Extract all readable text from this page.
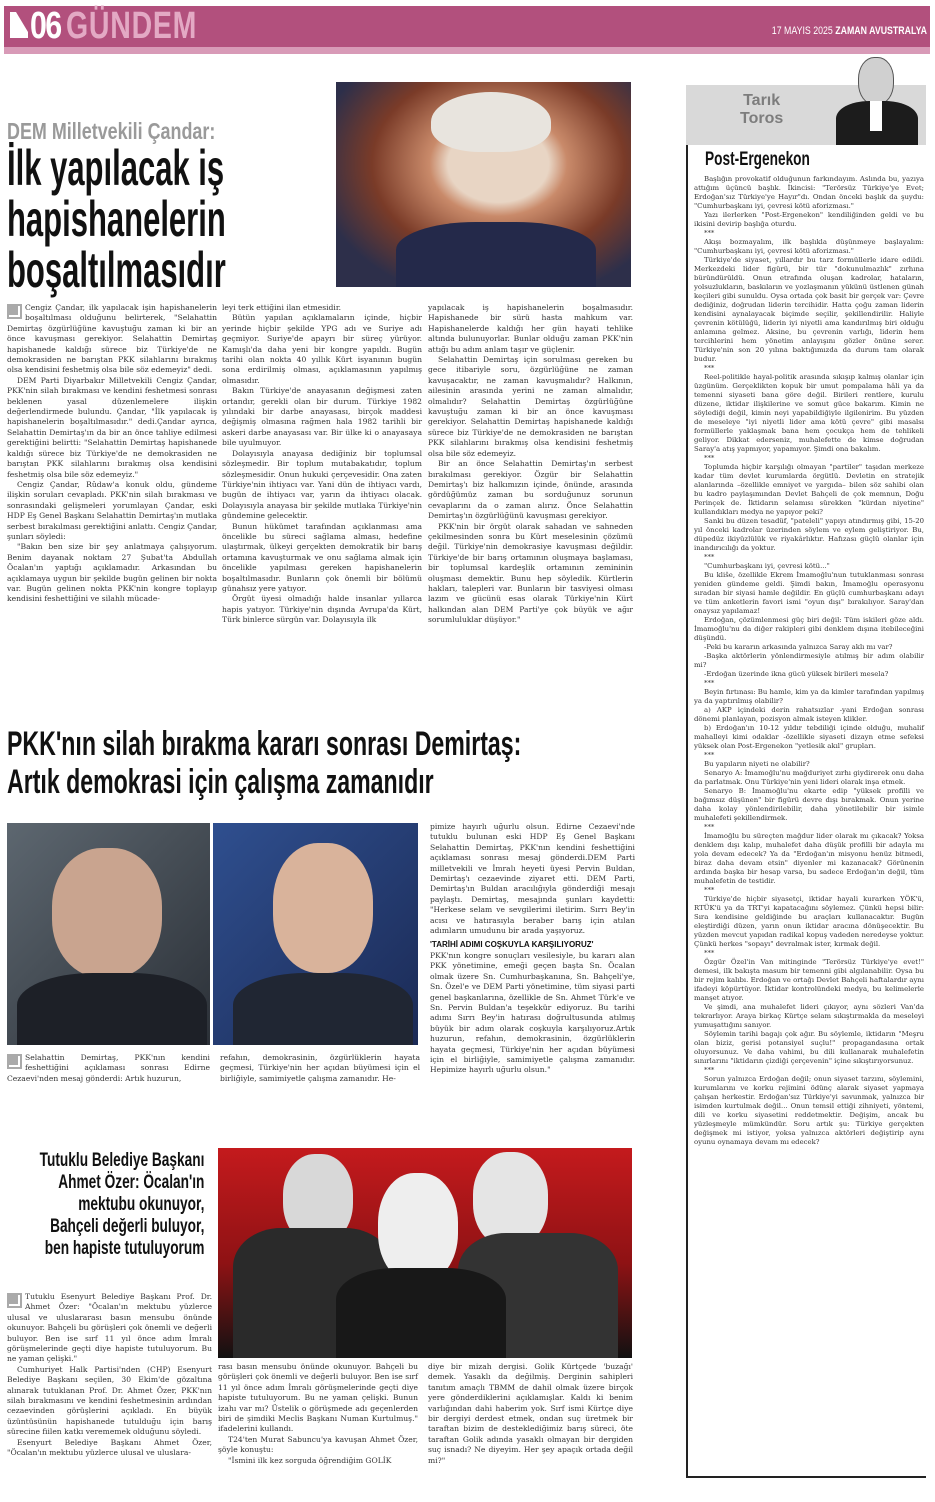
06 GÜNDEM	17 MAYIS 2025 ZAMAN AVUSTRALYA
DEM Milletvekili Çandar:
İlk yapılacak iş
hapishanelerin
boşaltılmasıdır

Cengiz Çandar, ilk yapılacak işin hapishanelerin boşaltılması olduğunu belirterek, "Selahattin Demirtaş özgürlüğüne kavuştuğu zaman ki bir an önce kavuşması gerekiyor. Selahattin Demirtaş hapishanede kaldığı sürece biz Türkiye'de ne demokrasiden ne barıştan PKK silahlarını bırakmış olsa kendisini feshetmiş olsa bile söz edemeyiz" dedi.

DEM Parti Diyarbakır Milletvekili Cengiz Çandar, PKK'nin silah bırakması ve kendini feshetmesi sonrası beklenen yasal düzenlemelere ilişkin değerlendirmede bulundu. Çandar, "İlk yapılacak iş hapishanelerin boşaltılmasıdır." dedi.Çandar ayrıca, Selahattin Demirtaş'ın da bir an önce tahliye edilmesi gerektiğini belirtti: "Selahattin Demirtaş hapishanede kaldığı sürece biz Türkiye'de ne demokrasiden ne barıştan PKK silahlarını bırakmış olsa kendisini feshetmiş olsa bile söz edemeyiz."

Cengiz Çandar, Rûdaw'a konuk oldu, gündeme ilişkin soruları cevapladı. PKK'nin silah bırakması ve sonrasındaki gelişmeleri yorumlayan Çandar, eski HDP Eş Genel Başkanı Selahattin Demirtaş'ın mutlaka serbest bırakılması gerektiğini anlattı. Cengiz Çandar, şunları söyledi:

"Bakın ben size bir şey anlatmaya çalışıyorum. Benim dayanak noktam 27 Şubat'ta Abdullah Öcalan'ın yaptığı açıklamadır. Arkasından bu açıklamaya uygun bir şekilde bugün gelinen bir nokta var. Bugün gelinen nokta PKK'nin kongre toplayıp kendisini feshettiğini ve silahlı mücade-

leyi terk ettiğini ilan etmesidir.

Bütün yapılan açıklamaların içinde, hiçbir yerinde hiçbir şekilde YPG adı ve Suriye adı geçmiyor. Suriye'de apayrı bir süreç yürüyor. Kamışlı'da daha yeni bir kongre yapıldı. Bugün tarihi olan nokta 40 yıllık Kürt isyanının bugün sona erdirilmiş olması, açıklamasının yapılmış olmasıdır.

Bakın Türkiye'de anayasanın değişmesi zaten ortandır, gerekli olan bir durum. Türkiye 1982 yılındaki bir darbe anayasası, birçok maddesi değişmiş olmasına rağmen hala 1982 tarihli bir askeri darbe anayasası var. Bir ülke ki o anayasaya bile uyulmuyor.

Dolayısıyla anayasa dediğiniz bir toplumsal sözleşmedir. Bir toplum mutabakatıdır, toplum sözleşmesidir. Onun hukuki çerçevesidir. Ona zaten Türkiye'nin ihtiyacı var. Yani dün de ihtiyacı vardı, bugün de ihtiyacı var, yarın da ihtiyacı olacak. Dolayısıyla anayasa bir şekilde mutlaka Türkiye'nin gündemine gelecektir.

Bunun hükümet tarafından açıklanması ama öncelikle bu süreci sağlama alması, hedefine ulaştırmak, ülkeyi gerçekten demokratik bir barış ortamına kavuşturmak ve onu sağlama almak için öncelikle yapılması gereken hapishanelerin boşaltılmasıdır. Bunların çok önemli bir bölümü günahsız yere yatıyor.

Örgüt üyesi olmadığı halde insanlar yıllarca hapis yatıyor. Türkiye'nin dışında Avrupa'da Kürt, Türk binlerce sürgün var. Dolayısıyla ilk

yapılacak iş hapishanelerin boşalmasıdır. Hapishanede bir sürü hasta mahkum var. Hapishanelerde kaldığı her gün hayati tehlike altında bulunuyorlar. Bunlar olduğu zaman PKK'nin attığı bu adım anlam taşır ve güçlenir.

Selahattin Demirtaş için sorulması gereken bu gece itibariyle soru, özgürlüğüne ne zaman kavuşacaktır, ne zaman kavuşmalıdır? Halkının, ailesinin arasında yerini ne zaman almalıdır, olmalıdır? Selahattin Demirtaş özgürlüğüne kavuştuğu zaman ki bir an önce kavuşması gerekiyor. Selahattin Demirtaş hapishanede kaldığı sürece biz Türkiye'de ne demokrasiden ne barıştan PKK silahlarını bırakmış olsa kendisini feshetmiş olsa bile söz edemeyiz.

Bir an önce Selahattin Demirtaş'ın serbest bırakılması gerekiyor. Özgür bir Selahattin Demirtaş'ı biz halkımızın içinde, önünde, arasında gördüğümüz zaman bu sorduğunuz sorunun cevaplarını da o zaman alırız. Önce Selahattin Demirtaş'ın özgürlüğünü kavuşması gerekiyor.

PKK'nin bir örgüt olarak sahadan ve sahneden çekilmesinden sonra bu Kürt meselesinin çözümü değil. Türkiye'nin demokrasiye kavuşması değildir. Türkiye'de bir barış ortamının oluşmaya başlaması, bir toplumsal kardeşlik ortamının zemininin oluşması demektir. Bunu hep söyledik. Kürtlerin hakları, talepleri var. Bunların bir tasviyesi olması lazım ve gücünü esas olarak Türkiye'nin Kürt halkından alan DEM Parti'ye çok büyük ve ağır sorumluluklar düşüyor."

PKK'nın silah bırakma kararı sonrası Demirtaş:
Artık demokrasi için çalışma zamanıdır

Selahattin Demirtaş, PKK'nın kendini feshettiğini açıklaması sonrası Edirne Cezaevi'nden mesaj gönderdi: Artık huzurun,

refahın, demokrasinin, özgürlüklerin hayata geçmesi, Türkiye'nin her açıdan büyümesi için el birliğiyle, samimiyetle çalışma zamanıdır. He-

pimize hayırlı uğurlu olsun. Edirne Cezaevi'nde tutuklu bulunan eski HDP Eş Genel Başkanı Selahattin Demirtaş, PKK'nın kendini feshettiğini açıklaması sonrası mesaj gönderdi.DEM Parti milletvekili ve İmralı heyeti üyesi Pervin Buldan, Demirtaş'ı cezaevinde ziyaret etti. DEM Parti, Demirtaş'ın Buldan aracılığıyla gönderdiği mesajı paylaştı. Demirtaş, mesajında şunları kaydetti: "Herkese selam ve sevgilerimi iletirim. Sırrı Bey'in acısı ve hatırasıyla beraber barış için atılan adımların umudunu bir arada yaşıyoruz.

'TARİHİ ADIMI COŞKUYLA KARŞILIYORUZ'

PKK'nın kongre sonuçları vesilesiyle, bu kararı alan PKK yönetimine, emeği geçen başta Sn. Öcalan olmak üzere Sn. Cumhurbaşkanına, Sn. Bahçeli'ye, Sn. Özel'e ve DEM Parti yönetimine, tüm siyasi parti genel başkanlarına, özellikle de Sn. Ahmet Türk'e ve Sn. Pervin Buldan'a teşekkür ediyoruz. Bu tarihi adımı Sırrı Bey'in hatırası doğrultusunda atılmış büyük bir adım olarak coşkuyla karşılıyoruz.Artık huzurun, refahın, demokrasinin, özgürlüklerin hayata geçmesi, Türkiye'nin her açıdan büyümesi için el birliğiyle, samimiyetle çalışma zamanıdır. Hepimize hayırlı uğurlu olsun."

Tutuklu Belediye Başkanı
Ahmet Özer: Öcalan'ın
mektubu okunuyor,
Bahçeli değerli buluyor,
ben hapiste tutuluyorum

Tutuklu Esenyurt Belediye Başkanı Prof. Dr. Ahmet Özer: "Öcalan'ın mektubu yüzlerce ulusal ve uluslararası basın mensubu önünde okunuyor. Bahçeli bu görüşleri çok önemli ve değerli buluyor. Ben ise sırf 11 yıl önce adım İmralı görüşmelerinde geçti diye hapiste tutuluyorum. Bu ne yaman çelişki."

Cumhuriyet Halk Partisi'nden (CHP) Esenyurt Belediye Başkanı seçilen, 30 Ekim'de gözaltına alınarak tutuklanan Prof. Dr. Ahmet Özer, PKK'nın silah bırakmasını ve kendini feshetmesinin ardından cezaevinden görüşlerini açıkladı. En büyük üzüntüsünün hapishanede tutulduğu için barış sürecine fiilen katkı verememek olduğunu söyledi.

Esenyurt Belediye Başkanı Ahmet Özer, "Öcalan'ın mektubu yüzlerce ulusal ve uluslara-

rası basın mensubu önünde okunuyor. Bahçeli bu görüşleri çok önemli ve değerli buluyor. Ben ise sırf 11 yıl önce adım İmralı görüşmelerinde geçti diye hapiste tutuluyorum. Bu ne yaman çelişki. Bunun izahı var mı? Üstelik o görüşmede adı geçenlerden biri de şimdiki Meclis Başkanı Numan Kurtulmuş." ifadelerini kullandı.

T24'ten Murat Sabuncu'ya kavuşan Ahmet Özer, şöyle konuştu:

"İsmini ilk kez sorguda öğrendiğim GOLİK

diye bir mizah dergisi. Golik Kürtçede 'buzağı' demek. Yasaklı da değilmiş. Derginin sahipleri tanıtım amaçlı TBMM de dahil olmak üzere birçok yere gönderdiklerini açıklamışlar. Kaldı ki benim varlığından dahi haberim yok. Sırf ismi Kürtçe diye bir dergiyi derdest etmek, ondan suç üretmek bir taraftan bizim de desteklediğimiz barış süreci, öte taraftan Golik adında yasaklı olmayan bir dergiden suç isnadı? Ne diyeyim. Her şey apaçık ortada değil mi?"

Tarık
Toros
Post-Ergenekon

Başlığın provokatif olduğunun farkındayım. Aslında bu, yazıya attığım üçüncü başlık. İkincisi: "Terörsüz Türkiye'ye Evet; Erdoğan'sız Türkiye'ye Hayır"dı. Ondan önceki başlık da şuydu: "Cumhurbaşkanı iyi, çevresi kötü aforizması."

Yazı ilerlerken "Post-Ergenekon" kendiliğinden geldi ve bu ikisini devirip başlığa oturdu.

***

Akışı bozmayalım, ilk başlıkla düşünmeye başlayalım: "Cumhurbaşkanı iyi, çevresi kötü aforizması."

Türkiye'de siyaset, yıllardır bu tarz formüllerle idare edildi. Merkezdeki lider figürü, bir tür "dokunulmazlık" zırhına büründürüldü. Onun etrafında oluşan kadrolar, hataların, yolsuzlukların, baskıların ve yozlaşmanın yükünü üstlenen günah keçileri gibi sunuldu. Oysa ortada çok basit bir gerçek var: Çevre dediğiniz, doğrudan liderin tercihidir. Hatta çoğu zaman liderin kendisini aynalayacak biçimde seçilir, şekillendirilir. Haliyle çevrenin kötülüğü, liderin iyi niyetli ama kandırılmış biri olduğu anlamına gelmez. Aksine, bu çevrenin varlığı, liderin hem tercihlerini hem yönetim anlayışını gözler önüne serer. Türkiye'nin son 20 yılına baktığımızda da durum tam olarak budur.

***

Reel-politikle hayal-politik arasında sıkışıp kalmış olanlar için üzgünüm. Gerçeklikten kopuk bir umut pompalama hâli ya da temenni siyaseti bana göre değil. Birileri rentlere, kurulu düzene, iktidar ilişkilerine ve somut güce bakarım. Kimin ne söylediği değil, kimin neyi yapabildiğiyle ilgilenirim. Bu yüzden de meseleye "iyi niyetli lider ama kötü çevre" gibi masalsı formüllerle yaklaşmak bana hem çocukça hem de tehlikeli geliyor. Dikkat ederseniz, muhalefette de kimse doğrudan Saray'a atış yapmıyor, yapamıyor. Şimdi ona bakalım.

***

Toplumda hiçbir karşılığı olmayan "partiler" taşıdan merkeze kadar tüm devlet kurumlarda örgütlü. Devletin en stratejik alanlarında –özellikle emniyet ve yargıda– bilen söz sahibi olan bu kadro paylaşımından Devlet Bahçeli de çok memnun, Doğu Perinçek de. İktidarın selamısı sürekken "kürdan niyetine" kullandıkları medya ne yapıyor peki?

Sanki bu düzen tesadüf, "pateleli" yapıyı atındırmış gibi, 15-20 yıl önceki kadrolar üzerinden söylem ve eylem geliştiriyor. Bu, düpedüz ikiyüzlülük ve riyakârlıktır. Hafızası güçlü olanlar için inandırıcılığı da yoktur.

***

"Cumhurbaşkanı iyi, çevresi kötü..."

Bu kliše, özellikle Ekrem İmamoğlu'nun tutuklanması sonrası yeniden gündeme geldi. Şimdi bakın, İmamoğlu operasyonu sıradan bir siyasi hamle değildir. En güçlü cumhurbaşkanı adayı ve tüm anketlerin favori ismi "oyun dışı" bırakılıyor. Saray'dan onaysız yapılamaz!

Erdoğan, çözümlenmesi güç biri değil: Tüm iskileri göze aldı. İmamoğlu'nu da diğer rakipleri gibi denklem dışına itebileceğini düşündü.

-Peki bu kararın arkasında yalnızca Saray aklı mı var?

-Başka aktörlerin yönlendirmesiyle atılmış bir adım olabilir mi?

-Erdoğan üzerinde ikna gücü yüksek birileri mesela?

***

Beyin fırtınası: Bu hamle, kim ya da kimler tarafından yapılmış ya da yaptırılmış olabilir?

a) AKP içindeki derin rahatsızlar -yani Erdoğan sonrası dönemi planlayan, pozisyon almak isteyen klikler.

b) Erdoğan'ın 10-12 yıldır tebdiliği içinde olduğu, muhalif mahalleyi kimi odaklar -özellikle siyaseti dizayn etme sefeksi yüksek olan Post-Ergenekon "yetlesik akıl" grupları.

***

Bu yapıların niyeti ne olabilir?

Senaryo A: İmamoğlu'nu mağduriyet zırhı giydirerek onu daha da parlatmak. Onu Türkiye'nin yeni lideri olarak inşa etmek.

Senaryo B: İmamoğlu'nu ekarte edip "yüksek profilli ve bağımsız düşünen" bir figürü devre dışı bırakmak. Onun yerine daha kolay yönlendirilebilir, daha yönetilebilir bir isimle muhalefeti şekillendirmek.

***

İmamoğlu bu süreçten mağdur lider olarak mı çıkacak? Yoksa denklem dışı kalıp, muhalefet daha düşük profilli bir adayla mı yola devam edecek? Ya da "Erdoğan'ın misyonu henüz bitmedi, biraz daha devam etsin" diyenler mi kazanacak? Görünenin ardında başka bir hesap varsa, bu sadece Erdoğan'ın değil, tüm muhalefetin de testidir.

***

Türkiye'de hiçbir siyasetçi, iktidar hayali kurarken YÖK'ü, RTÜK'ü ya da TRT'yi kapatacağını söylemez. Çünkü hepsi bilir: Sıra kendisine geldiğinde bu araçları kullanacaktır. Bugün eleştirdiği düzen, yarın onun iktidar aracına dönüşecektir. Bu yüzden mevcut yapıdan radikal kopuş vadeden neredeyse yoktur. Çünkü herkes "sopayı" devralmak ister, kırmak değil.

***

Özgür Özel'in Van mitinginde "Terörsüz Türkiye'ye evet!" demesi, ilk bakışta masum bir temenni gibi algılanabilir. Oysa bu bir rejim kalıbı. Erdoğan ve ortağı Devlet Bahçeli haftalardır aynı ifadeyi köpürtüyor. İktidar kontrolündeki medya, bu kelimelerle manşet atıyor.

Ve şimdi, ana muhalefet lideri çıkıyor, aynı sözleri Van'da tekrarlıyor. Araya birkaç Kürtçe selam sıkıştırmakla da meseleyi yumuşattığını sanıyor.

Söylemin tarihi bagajı çok ağır. Bu söylemle, iktidarın "Meşru olan biziz, gerisi potansiyel suçlu!" propagandasına ortak oluyorsunuz. Ve daha vahimi, bu dili kullanarak muhalefetin sınırlarını "iktidarın çizdiği çerçevenin" içine sıkıştırıyorsunuz.

***

Sorun yalnızca Erdoğan değil; onun siyaset tarzını, söylemini, kurumlarını ve korku rejimini ödünç alarak siyaset yapmaya çalışan herkestir. Erdoğan'sız Türkiye'yi savunmak, yalnızca bir isimden kurtulmak değil... Onun temsil ettiği zihniyeti, yöntemi, dili ve korku siyasetini reddetmektir. Değişim, ancak bu yüzleşmeyle mümkündür. Soru artık şu: Türkiye gerçekten değişmek mi istiyor, yoksa yalnızca aktörleri değiştirip aynı oyunu oynamaya devam mı edecek?
